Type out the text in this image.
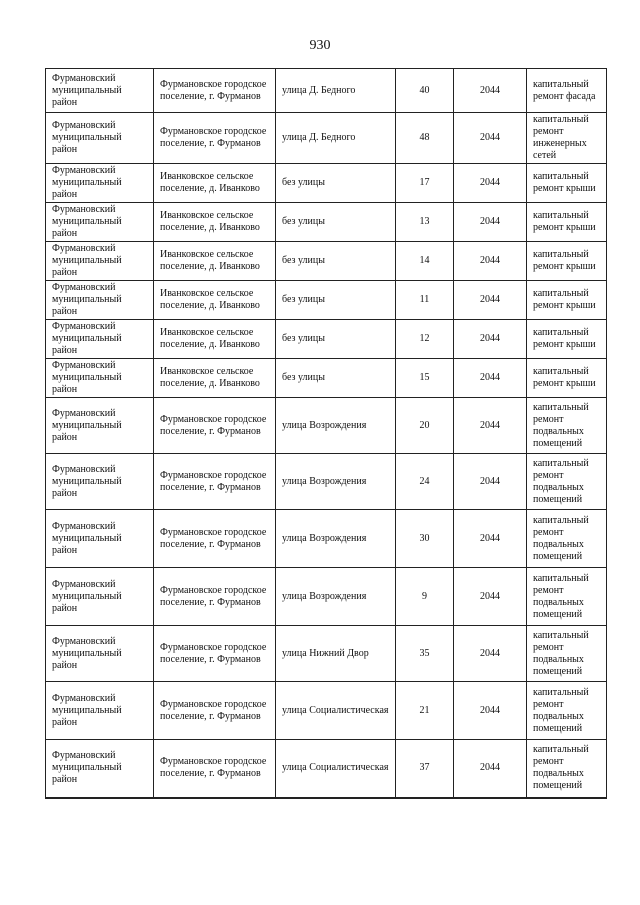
930
Фурмановский муниципальный район	Фурмановское городское поселение, г. Фурманов	улица Д. Бедного	40	2044	капитальный ремонт фасада
Фурмановский муниципальный район	Фурмановское городское поселение, г. Фурманов	улица Д. Бедного	48	2044	капитальный ремонт инженерных сетей
Фурмановский муниципальный район	Иванковское сельское поселение, д. Иванково	без улицы	17	2044	капитальный ремонт крыши
Фурмановский муниципальный район	Иванковское сельское поселение, д. Иванково	без улицы	13	2044	капитальный ремонт крыши
Фурмановский муниципальный район	Иванковское сельское поселение, д. Иванково	без улицы	14	2044	капитальный ремонт крыши
Фурмановский муниципальный район	Иванковское сельское поселение, д. Иванково	без улицы	11	2044	капитальный ремонт крыши
Фурмановский муниципальный район	Иванковское сельское поселение, д. Иванково	без улицы	12	2044	капитальный ремонт крыши
Фурмановский муниципальный район	Иванковское сельское поселение, д. Иванково	без улицы	15	2044	капитальный ремонт крыши
Фурмановский муниципальный район	Фурмановское городское поселение, г. Фурманов	улица Возрождения	20	2044	капитальный ремонт подвальных помещений
Фурмановский муниципальный район	Фурмановское городское поселение, г. Фурманов	улица Возрождения	24	2044	капитальный ремонт подвальных помещений
Фурмановский муниципальный район	Фурмановское городское поселение, г. Фурманов	улица Возрождения	30	2044	капитальный ремонт подвальных помещений
Фурмановский муниципальный район	Фурмановское городское поселение, г. Фурманов	улица Возрождения	9	2044	капитальный ремонт подвальных помещений
Фурмановский муниципальный район	Фурмановское городское поселение, г. Фурманов	улица Нижний Двор	35	2044	капитальный ремонт подвальных помещений
Фурмановский муниципальный район	Фурмановское городское поселение, г. Фурманов	улица Социалистическая	21	2044	капитальный ремонт подвальных помещений
Фурмановский муниципальный район	Фурмановское городское поселение, г. Фурманов	улица Социалистическая	37	2044	капитальный ремонт подвальных помещений
